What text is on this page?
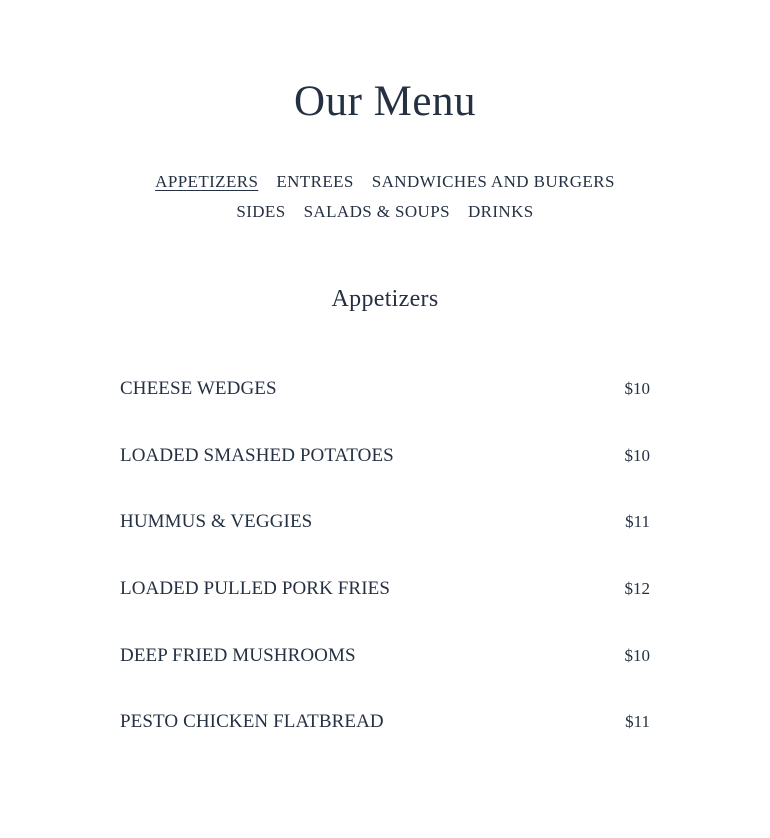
Our Menu
APPETIZERS ENTREES SANDWICHES AND BURGERS
SIDES SALADS & SOUPS DRINKS
Appetizers
CHEESE WEDGES	$10
LOADED SMASHED POTATOES	$10
HUMMUS & VEGGIES	$11
LOADED PULLED PORK FRIES	$12
DEEP FRIED MUSHROOMS	$10
PESTO CHICKEN FLATBREAD	$11
